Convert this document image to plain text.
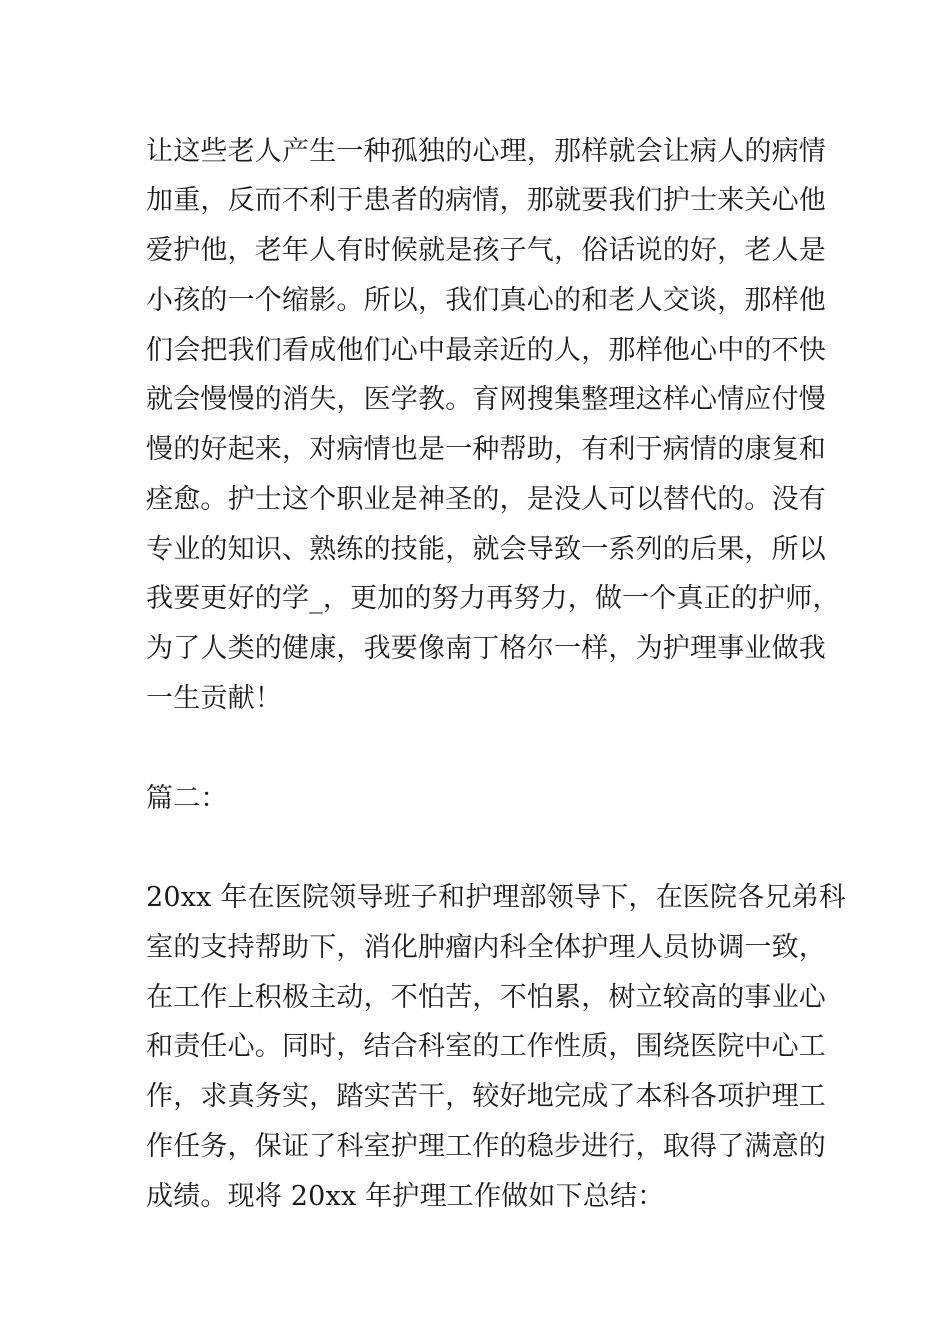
让这些老人产生一种孤独的心理，那样就会让病人的病情
加重，反而不利于患者的病情，那就要我们护士来关心他
爱护他，老年人有时候就是孩子气，俗话说的好，老人是
小孩的一个缩影。所以，我们真心的和老人交谈，那样他
们会把我们看成他们心中最亲近的人，那样他心中的不快
就会慢慢的消失，医学教。育网搜集整理这样心情应付慢
慢的好起来，对病情也是一种帮助，有利于病情的康复和
痊愈。护士这个职业是神圣的，是没人可以替代的。没有
专业的知识、熟练的技能，就会导致一系列的后果，所以
我要更好的学_，更加的努力再努力，做一个真正的护师，
为了人类的健康，我要像南丁格尔一样，为护理事业做我
一生贡献！
篇二：
20xx 年在医院领导班子和护理部领导下，在医院各兄弟科
室的支持帮助下，消化肿瘤内科全体护理人员协调一致，
在工作上积极主动，不怕苦，不怕累，树立较高的事业心
和责任心。同时，结合科室的工作性质，围绕医院中心工
作，求真务实，踏实苦干，较好地完成了本科各项护理工
作任务，保证了科室护理工作的稳步进行，取得了满意的
成绩。现将 20xx 年护理工作做如下总结：
